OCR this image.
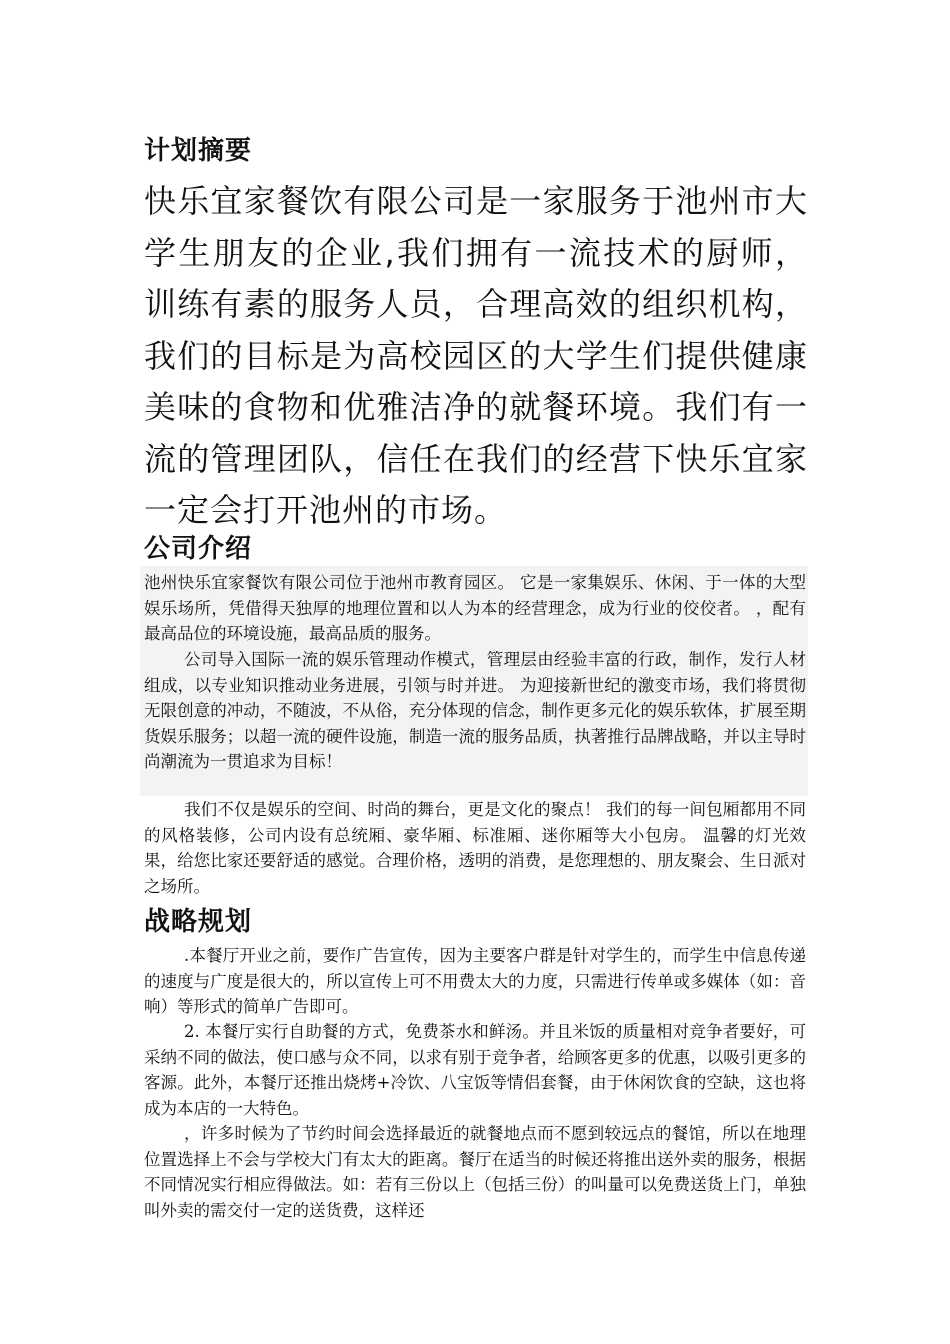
计划摘要

快乐宜家餐饮有限公司是一家服务于池州市大学生朋友的企业,我们拥有一流技术的厨师，训练有素的服务人员，合理高效的组织机构，我们的目标是为高校园区的大学生们提供健康美味的食物和优雅洁净的就餐环境。我们有一流的管理团队，信任在我们的经营下快乐宜家一定会打开池州的市场。

公司介绍

池州快乐宜家餐饮有限公司位于池州市教育园区。 它是一家集娱乐、休闲、于一体的大型娱乐场所，凭借得天独厚的地理位置和以人为本的经营理念，成为行业的佼佼者。 ，配有最高品位的环境设施，最高品质的服务。

公司导入国际一流的娱乐管理动作模式，管理层由经验丰富的行政，制作，发行人材组成，以专业知识推动业务进展，引领与时并进。 为迎接新世纪的激变市场，我们将贯彻无限创意的冲动，不随波，不从俗，充分体现的信念，制作更多元化的娱乐软体，扩展至期货娱乐服务；以超一流的硬件设施，制造一流的服务品质，执著推行品牌战略，并以主导时尚潮流为一贯追求为目标！

我们不仅是娱乐的空间、时尚的舞台，更是文化的聚点！ 我们的每一间包厢都用不同的风格装修，公司内设有总统厢、豪华厢、标准厢、迷你厢等大小包房。 温馨的灯光效果，给您比家还要舒适的感觉。合理价格，透明的消费，是您理想的、朋友聚会、生日派对之场所。

战略规划

.本餐厅开业之前，要作广告宣传，因为主要客户群是针对学生的，而学生中信息传递的速度与广度是很大的，所以宣传上可不用费太大的力度，只需进行传单或多媒体（如：音响）等形式的简单广告即可。

2. 本餐厅实行自助餐的方式，免费茶水和鲜汤。并且米饭的质量相对竞争者要好，可采纳不同的做法，使口感与众不同，以求有别于竞争者，给顾客更多的优惠，以吸引更多的客源。此外，本餐厅还推出烧烤+冷饮、八宝饭等情侣套餐，由于休闲饮食的空缺，这也将成为本店的一大特色。

，许多时候为了节约时间会选择最近的就餐地点而不愿到较远点的餐馆，所以在地理位置选择上不会与学校大门有太大的距离。餐厅在适当的时候还将推出送外卖的服务，根据不同情况实行相应得做法。如：若有三份以上（包括三份）的叫量可以免费送货上门，单独叫外卖的需交付一定的送货费，这样还
